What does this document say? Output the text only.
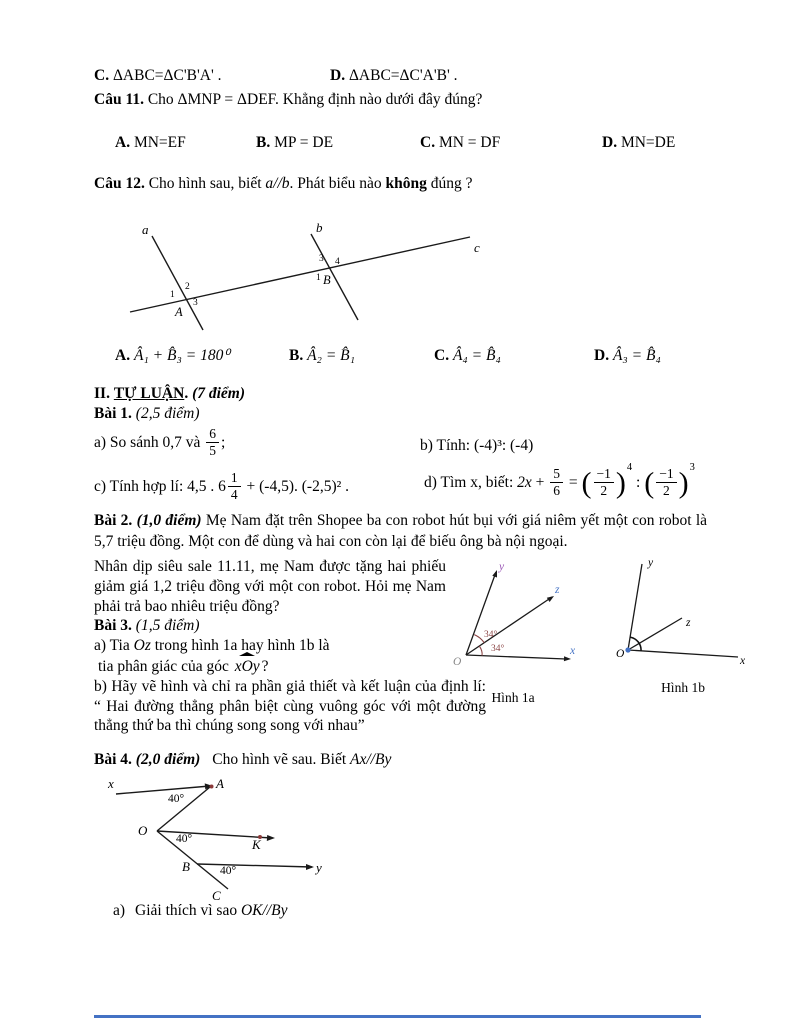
C. ΔABC=ΔC'B'A' .	D. ΔABC=ΔC'A'B' .
Câu 11. Cho ΔMNP = ΔDEF. Khẳng định nào dưới đây đúng?
A. MN=EF	B. MP = DE	C. MN = DF	D. MN=DE
Câu 12. Cho hình sau, biết a//b. Phát biểu nào không đúng ?
a	b
c
1
2
3
A
3 4
1 B
A. Â₁ + B̂₃ = 180⁰	B. Â₂ = B̂₁	C. Â₄ = B̂₄	D. Â₃ = B̂₄
II. TỰ LUẬN. (7 điểm)
Bài 1. (2,5 điểm)
a) So sánh 0,7 và $\frac{6}{5}$ ;	b) Tính: (-4)³: (-4)
c) Tính hợp lí: 4,5 . $6 \frac{1}{4} + (-4,5)$. (-2,5)² .	d) Tìm x, biết: $2x + \frac{5}{6}$ = ( $\frac{-1}{2} )^4$ : ( $\frac{-1}{2} )^3$
Bài 2. (1,0 điểm) Mẹ Nam đặt trên Shopee ba con robot hút bụi với giá niêm yết một con robot là 5,7 triệu đồng. Một con để dùng và hai con còn lại để biếu ông bà nội ngoại.

Nhân dịp siêu sale 11.11, mẹ Nam được tặng hai phiếu giảm giá 1,2 triệu đồng với một con robot. Hỏi mẹ Nam phải trả bao nhiêu triệu đồng?

Bài 3. (1,5 điểm)

a) Tia Oz trong hình 1a hay hình 1b là

tia phân giác của góc xOy ?

b) Hãy vẽ hình và chỉ ra phần giả thiết và kết luận của định lí: “ Hai đường thẳng phân biệt cùng vuông góc với một đường thẳng thứ ba thì chúng song song với nhau”

34°
34°
x
z
y
O
Hình 1a
y
z
x
O
Hình 1b
Bài 4. (2,0 điểm) Cho hình vẽ sau. Biết Ax//By
x	A
40°
O
40°	K
B	40°	y
C
a) Giải thích vì sao OK//By
